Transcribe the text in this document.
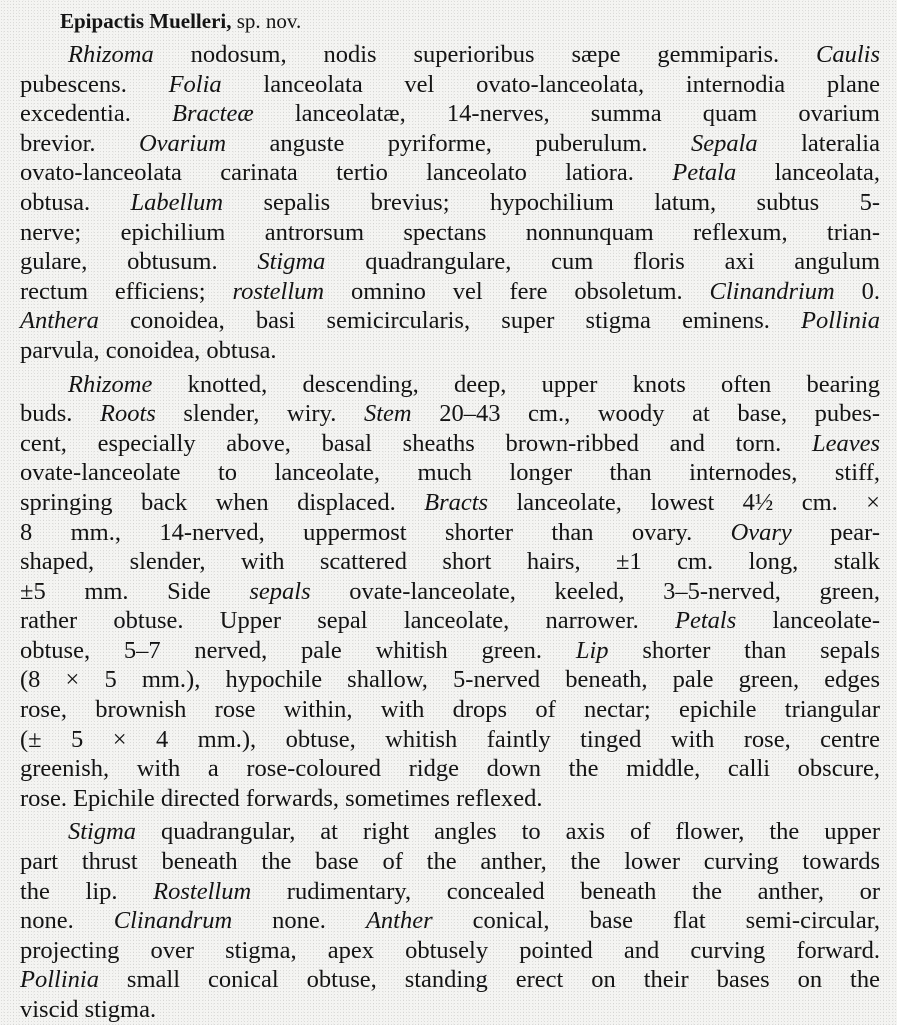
Epipactis Muelleri, sp. nov.
Rhizoma nodosum, nodis superioribus sæpe gemmiparis. Caulis
pubescens. Folia lanceolata vel ovato-lanceolata, internodia plane
excedentia. Bracteæ lanceolatæ, 14-nerves, summa quam ovarium
brevior. Ovarium anguste pyriforme, puberulum. Sepala lateralia
ovato-lanceolata carinata tertio lanceolato latiora. Petala lanceolata,
obtusa. Labellum sepalis brevius; hypochilium latum, subtus 5-
nerve; epichilium antrorsum spectans nonnunquam reflexum, trian-
gulare, obtusum. Stigma quadrangulare, cum floris axi angulum
rectum efficiens; rostellum omnino vel fere obsoletum. Clinandrium 0.
Anthera conoidea, basi semicircularis, super stigma eminens. Pollinia
parvula, conoidea, obtusa.
Rhizome knotted, descending, deep, upper knots often bearing
buds. Roots slender, wiry. Stem 20–43 cm., woody at base, pubes-
cent, especially above, basal sheaths brown-ribbed and torn. Leaves
ovate-lanceolate to lanceolate, much longer than internodes, stiff,
springing back when displaced. Bracts lanceolate, lowest 4½ cm. ×
8 mm., 14-nerved, uppermost shorter than ovary. Ovary pear-
shaped, slender, with scattered short hairs, ±1 cm. long, stalk
±5 mm. Side sepals ovate-lanceolate, keeled, 3–5-nerved, green,
rather obtuse. Upper sepal lanceolate, narrower. Petals lanceolate-
obtuse, 5–7 nerved, pale whitish green. Lip shorter than sepals
(8 × 5 mm.), hypochile shallow, 5-nerved beneath, pale green, edges
rose, brownish rose within, with drops of nectar; epichile triangular
(± 5 × 4 mm.), obtuse, whitish faintly tinged with rose, centre
greenish, with a rose-coloured ridge down the middle, calli obscure,
rose. Epichile directed forwards, sometimes reflexed.
Stigma quadrangular, at right angles to axis of flower, the upper
part thrust beneath the base of the anther, the lower curving towards
the lip. Rostellum rudimentary, concealed beneath the anther, or
none. Clinandrum none. Anther conical, base flat semi-circular,
projecting over stigma, apex obtusely pointed and curving forward.
Pollinia small conical obtuse, standing erect on their bases on the
viscid stigma.
